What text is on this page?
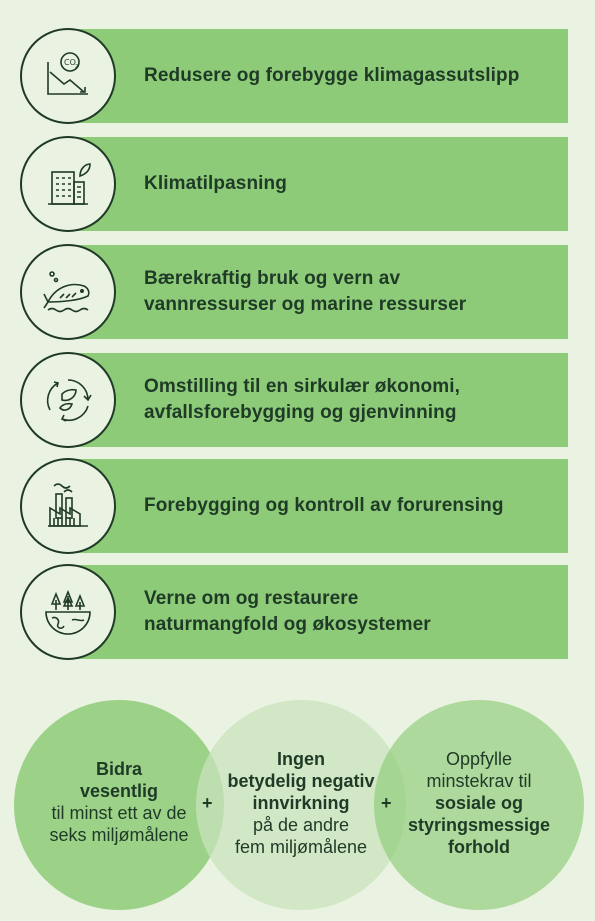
CO 2	Redusere og forebygge klimagassutslipp
Klimatilpasning
Bærekraftig bruk og vern av
vannressurser og marine ressurser
Omstilling til en sirkulær økonomi,
avfallsforebygging og gjenvinning
Forebygging og kontroll av forurensing
Verne om og restaurere
naturmangfold og økosystemer
Bidra
vesentlig
til minst ett av de
seks miljømålene
Ingen
betydelig negativ
innvirkning
på de andre
fem miljømålene
Oppfylle
minstekrav til
sosiale og
styringsmessige
forhold
+	+
